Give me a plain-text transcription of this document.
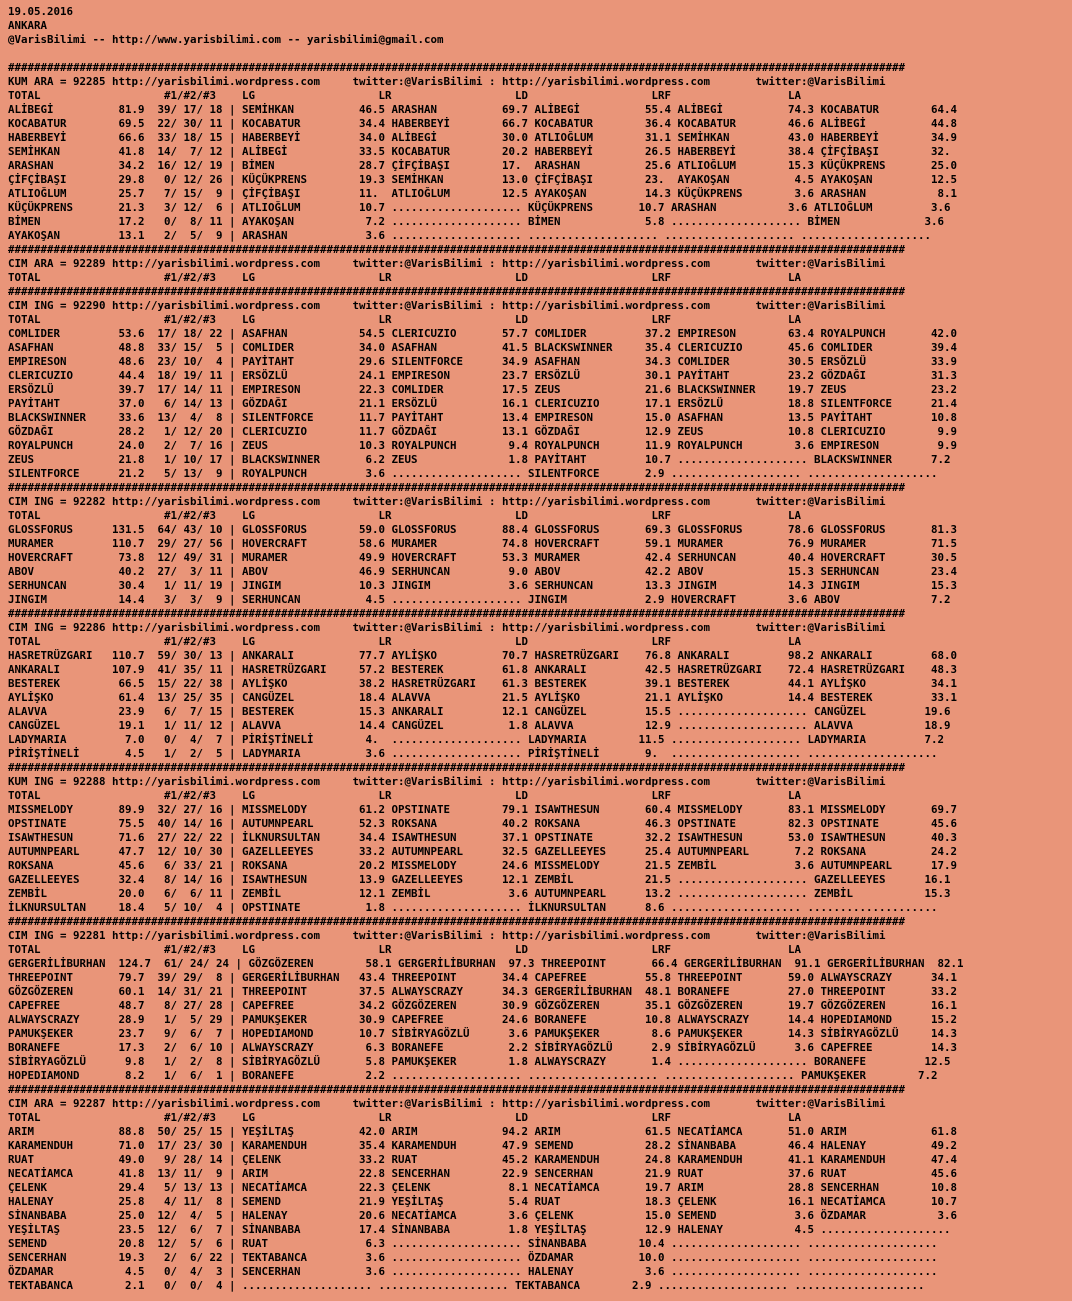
19.05.2016
ANKARA
@VarisBilimi -- http://www.yarisbilimi.com -- yarisbilimi@gmail.com

##########################################################################################################################################
KUM ARA = 92285 http://yarisbilimi.wordpress.com     twitter:@VarisBilimi : http://yarisbilimi.wordpress.com       twitter:@VarisBilimi
TOTAL                   #1/#2/#3    LG                   LR                   LD                   LRF                  LA
ALİBEGİ          81.9  39/ 17/ 18 | SEMİHKAN          46.5 ARASHAN          69.7 ALİBEGİ          55.4 ALİBEGİ          74.3 KOCABATUR        64.4
KOCABATUR        69.5  22/ 30/ 11 | KOCABATUR         34.4 HABERBEYİ        66.7 KOCABATUR        36.4 KOCABATUR        46.6 ALİBEGİ          44.8
HABERBEYİ        66.6  33/ 18/ 15 | HABERBEYİ         34.0 ALİBEGİ          30.0 ATLIOĞLUM        31.1 SEMİHKAN         43.0 HABERBEYİ        34.9
SEMİHKAN         41.8  14/  7/ 12 | ALİBEGİ           33.5 KOCABATUR        20.2 HABERBEYİ        26.5 HABERBEYİ        38.4 ÇİFÇİBAŞI        32.
ARASHAN          34.2  16/ 12/ 19 | BİMEN             28.7 ÇİFÇİBAŞI        17.  ARASHAN          25.6 ATLIOĞLUM        15.3 KÜÇÜKPRENS       25.0
ÇİFÇİBAŞI        29.8   0/ 12/ 26 | KÜÇÜKPRENS        19.3 SEMİHKAN         13.0 ÇİFÇİBAŞI        23.  AYAKOŞAN          4.5 AYAKOŞAN         12.5
ATLIOĞLUM        25.7   7/ 15/  9 | ÇİFÇİBAŞI         11.  ATLIOĞLUM        12.5 AYAKOŞAN         14.3 KÜÇÜKPRENS        3.6 ARASHAN           8.1
KÜÇÜKPRENS       21.3   3/ 12/  6 | ATLIOĞLUM         10.7 .................... KÜÇÜKPRENS       10.7 ARASHAN           3.6 ATLIOĞLUM         3.6
BİMEN            17.2   0/  8/ 11 | AYAKOŞAN           7.2 .................... BİMEN             5.8 .................... BİMEN             3.6
AYAKOŞAN         13.1   2/  5/  9 | ARASHAN            3.6 .................... .................... .................... ....................
##########################################################################################################################################
CIM ARA = 92289 http://yarisbilimi.wordpress.com     twitter:@VarisBilimi : http://yarisbilimi.wordpress.com       twitter:@VarisBilimi
TOTAL                   #1/#2/#3    LG                   LR                   LD                   LRF                  LA
##########################################################################################################################################
CIM ING = 92290 http://yarisbilimi.wordpress.com     twitter:@VarisBilimi : http://yarisbilimi.wordpress.com       twitter:@VarisBilimi
TOTAL                   #1/#2/#3    LG                   LR                   LD                   LRF                  LA
COMLIDER         53.6  17/ 18/ 22 | ASAFHAN           54.5 CLERICUZIO       57.7 COMLIDER         37.2 EMPIRESON        63.4 ROYALPUNCH       42.0
ASAFHAN          48.8  33/ 15/  5 | COMLIDER          34.0 ASAFHAN          41.5 BLACKSWINNER     35.4 CLERICUZIO       45.6 COMLIDER         39.4
EMPIRESON        48.6  23/ 10/  4 | PAYİTAHT          29.6 SILENTFORCE      34.9 ASAFHAN          34.3 COMLIDER         30.5 ERSÖZLÜ          33.9
CLERICUZIO       44.4  18/ 19/ 11 | ERSÖZLÜ           24.1 EMPIRESON        23.7 ERSÖZLÜ          30.1 PAYİTAHT         23.2 GÖZDAĞI          31.3
ERSÖZLÜ          39.7  17/ 14/ 11 | EMPIRESON         22.3 COMLIDER         17.5 ZEUS             21.6 BLACKSWINNER     19.7 ZEUS             23.2
PAYİTAHT         37.0   6/ 14/ 13 | GÖZDAĞI           21.1 ERSÖZLÜ          16.1 CLERICUZIO       17.1 ERSÖZLÜ          18.8 SILENTFORCE      21.4
BLACKSWINNER     33.6  13/  4/  8 | SILENTFORCE       11.7 PAYİTAHT         13.4 EMPIRESON        15.0 ASAFHAN          13.5 PAYİTAHT         10.8
GÖZDAĞI          28.2   1/ 12/ 20 | CLERICUZIO        11.7 GÖZDAĞI          13.1 GÖZDAĞI          12.9 ZEUS             10.8 CLERICUZIO        9.9
ROYALPUNCH       24.0   2/  7/ 16 | ZEUS              10.3 ROYALPUNCH        9.4 ROYALPUNCH       11.9 ROYALPUNCH        3.6 EMPIRESON         9.9
ZEUS             21.8   1/ 10/ 17 | BLACKSWINNER       6.2 ZEUS              1.8 PAYİTAHT         10.7 .................... BLACKSWINNER      7.2
SILENTFORCE      21.2   5/ 13/  9 | ROYALPUNCH         3.6 .................... SILENTFORCE       2.9 .................... ....................
##########################################################################################################################################
CIM ING = 92282 http://yarisbilimi.wordpress.com     twitter:@VarisBilimi : http://yarisbilimi.wordpress.com       twitter:@VarisBilimi
TOTAL                   #1/#2/#3    LG                   LR                   LD                   LRF                  LA
GLOSSFORUS      131.5  64/ 43/ 10 | GLOSSFORUS        59.0 GLOSSFORUS       88.4 GLOSSFORUS       69.3 GLOSSFORUS       78.6 GLOSSFORUS       81.3
MURAMER         110.7  29/ 27/ 56 | HOVERCRAFT        58.6 MURAMER          74.8 HOVERCRAFT       59.1 MURAMER          76.9 MURAMER          71.5
HOVERCRAFT       73.8  12/ 49/ 31 | MURAMER           49.9 HOVERCRAFT       53.3 MURAMER          42.4 SERHUNCAN        40.4 HOVERCRAFT       30.5
ABOV             40.2  27/  3/ 11 | ABOV              46.9 SERHUNCAN         9.0 ABOV             42.2 ABOV             15.3 SERHUNCAN        23.4
SERHUNCAN        30.4   1/ 11/ 19 | JINGIM            10.3 JINGIM            3.6 SERHUNCAN        13.3 JINGIM           14.3 JINGIM           15.3
JINGIM           14.4   3/  3/  9 | SERHUNCAN          4.5 .................... JINGIM            2.9 HOVERCRAFT        3.6 ABOV              7.2
##########################################################################################################################################
CIM ING = 92286 http://yarisbilimi.wordpress.com     twitter:@VarisBilimi : http://yarisbilimi.wordpress.com       twitter:@VarisBilimi
TOTAL                   #1/#2/#3    LG                   LR                   LD                   LRF                  LA
HASRETRÜZGARI   110.7  59/ 30/ 13 | ANKARALI          77.7 AYLİŞKO          70.7 HASRETRÜZGARI    76.8 ANKARALI         98.2 ANKARALI         68.0
ANKARALI        107.9  41/ 35/ 11 | HASRETRÜZGARI     57.2 BESTEREK         61.8 ANKARALI         42.5 HASRETRÜZGARI    72.4 HASRETRÜZGARI    48.3
BESTEREK         66.5  15/ 22/ 38 | AYLİŞKO           38.2 HASRETRÜZGARI    61.3 BESTEREK         39.1 BESTEREK         44.1 AYLİŞKO          34.1
AYLİŞKO          61.4  13/ 25/ 35 | CANGÜZEL          18.4 ALAVVA           21.5 AYLİŞKO          21.1 AYLİŞKO          14.4 BESTEREK         33.1
ALAVVA           23.9   6/  7/ 15 | BESTEREK          15.3 ANKARALI         12.1 CANGÜZEL         15.5 .................... CANGÜZEL         19.6
CANGÜZEL         19.1   1/ 11/ 12 | ALAVVA            14.4 CANGÜZEL          1.8 ALAVVA           12.9 .................... ALAVVA           18.9
LADYMARIA         7.0   0/  4/  7 | PİRİŞTİNELİ        4.  .................... LADYMARIA        11.5 .................... LADYMARIA         7.2
PİRİŞTİNELİ       4.5   1/  2/  5 | LADYMARIA          3.6 .................... PİRİŞTİNELİ       9.  .................... ....................
##########################################################################################################################################
KUM ING = 92288 http://yarisbilimi.wordpress.com     twitter:@VarisBilimi : http://yarisbilimi.wordpress.com       twitter:@VarisBilimi
TOTAL                   #1/#2/#3    LG                   LR                   LD                   LRF                  LA
MISSMELODY       89.9  32/ 27/ 16 | MISSMELODY        61.2 OPSTINATE        79.1 ISAWTHESUN       60.4 MISSMELODY       83.1 MISSMELODY       69.7
OPSTINATE        75.5  40/ 14/ 16 | AUTUMNPEARL       52.3 ROKSANA          40.2 ROKSANA          46.3 OPSTINATE        82.3 OPSTINATE        45.6
ISAWTHESUN       71.6  27/ 22/ 22 | İLKNURSULTAN      34.4 ISAWTHESUN       37.1 OPSTINATE        32.2 ISAWTHESUN       53.0 ISAWTHESUN       40.3
AUTUMNPEARL      47.7  12/ 10/ 30 | GAZELLEEYES       33.2 AUTUMNPEARL      32.5 GAZELLEEYES      25.4 AUTUMNPEARL       7.2 ROKSANA          24.2
ROKSANA          45.6   6/ 33/ 21 | ROKSANA           20.2 MISSMELODY       24.6 MISSMELODY       21.5 ZEMBİL            3.6 AUTUMNPEARL      17.9
GAZELLEEYES      32.4   8/ 14/ 16 | ISAWTHESUN        13.9 GAZELLEEYES      12.1 ZEMBİL           21.5 .................... GAZELLEEYES      16.1
ZEMBİL           20.0   6/  6/ 11 | ZEMBİL            12.1 ZEMBİL            3.6 AUTUMNPEARL      13.2 .................... ZEMBİL           15.3
İLKNURSULTAN     18.4   5/ 10/  4 | OPSTINATE          1.8 .................... İLKNURSULTAN      8.6 .................... ....................
##########################################################################################################################################
CIM ING = 92281 http://yarisbilimi.wordpress.com     twitter:@VarisBilimi : http://yarisbilimi.wordpress.com       twitter:@VarisBilimi
TOTAL                   #1/#2/#3    LG                   LR                   LD                   LRF                  LA
GERGERİLİBURHAN  124.7  61/ 24/ 24 | GÖZGÖZEREN        58.1 GERGERİLİBURHAN  97.3 THREEPOINT       66.4 GERGERİLİBURHAN  91.1 GERGERİLİBURHAN  82.1
THREEPOINT       79.7  39/ 29/  8 | GERGERİLİBURHAN   43.4 THREEPOINT       34.4 CAPEFREE         55.8 THREEPOINT       59.0 ALWAYSCRAZY      34.1
GÖZGÖZEREN       60.1  14/ 31/ 21 | THREEPOINT        37.5 ALWAYSCRAZY      34.3 GERGERİLİBURHAN  48.1 BORANEFE         27.0 THREEPOINT       33.2
CAPEFREE         48.7   8/ 27/ 28 | CAPEFREE          34.2 GÖZGÖZEREN       30.9 GÖZGÖZEREN       35.1 GÖZGÖZEREN       19.7 GÖZGÖZEREN       16.1
ALWAYSCRAZY      28.9   1/  5/ 29 | PAMUKŞEKER        30.9 CAPEFREE         24.6 BORANEFE         10.8 ALWAYSCRAZY      14.4 HOPEDIAMOND      15.2
PAMUKŞEKER       23.7   9/  6/  7 | HOPEDIAMOND       10.7 SİBİRYAGÖZLÜ      3.6 PAMUKŞEKER        8.6 PAMUKŞEKER       14.3 SİBİRYAGÖZLÜ     14.3
BORANEFE         17.3   2/  6/ 10 | ALWAYSCRAZY        6.3 BORANEFE          2.2 SİBİRYAGÖZLÜ      2.9 SİBİRYAGÖZLÜ      3.6 CAPEFREE         14.3
SİBİRYAGÖZLÜ      9.8   1/  2/  8 | SİBİRYAGÖZLÜ       5.8 PAMUKŞEKER        1.8 ALWAYSCRAZY       1.4 .................... BORANEFE         12.5
HOPEDIAMOND       8.2   1/  6/  1 | BORANEFE           2.2 .................... .................... .................... PAMUKŞEKER        7.2
##########################################################################################################################################
CIM ARA = 92287 http://yarisbilimi.wordpress.com     twitter:@VarisBilimi : http://yarisbilimi.wordpress.com       twitter:@VarisBilimi
TOTAL                   #1/#2/#3    LG                   LR                   LD                   LRF                  LA
ARIM             88.8  50/ 25/ 15 | YEŞİLTAŞ          42.0 ARIM             94.2 ARIM             61.5 NECATİAMCA       51.0 ARIM             61.8
KARAMENDUH       71.0  17/ 23/ 30 | KARAMENDUH        35.4 KARAMENDUH       47.9 SEMEND           28.2 SİNANBABA        46.4 HALENAY          49.2
RUAT             49.0   9/ 28/ 14 | ÇELENK            33.2 RUAT             45.2 KARAMENDUH       24.8 KARAMENDUH       41.1 KARAMENDUH       47.4
NECATİAMCA       41.8  13/ 11/  9 | ARIM              22.8 SENCERHAN        22.9 SENCERHAN        21.9 RUAT             37.6 RUAT             45.6
ÇELENK           29.4   5/ 13/ 13 | NECATİAMCA        22.3 ÇELENK            8.1 NECATİAMCA       19.7 ARIM             28.8 SENCERHAN        10.8
HALENAY          25.8   4/ 11/  8 | SEMEND            21.9 YEŞİLTAŞ          5.4 RUAT             18.3 ÇELENK           16.1 NECATİAMCA       10.7
SİNANBABA        25.0  12/  4/  5 | HALENAY           20.6 NECATİAMCA        3.6 ÇELENK           15.0 SEMEND            3.6 ÖZDAMAR           3.6
YEŞİLTAŞ         23.5  12/  6/  7 | SİNANBABA         17.4 SİNANBABA         1.8 YEŞİLTAŞ         12.9 HALENAY           4.5 ....................
SEMEND           20.8  12/  5/  6 | RUAT               6.3 .................... SİNANBABA        10.4 .................... ....................
SENCERHAN        19.3   2/  6/ 22 | TEKTABANCA         3.6 .................... ÖZDAMAR          10.0 .................... ....................
ÖZDAMAR           4.5   0/  4/  3 | SENCERHAN          3.6 .................... HALENAY           3.6 .................... ....................
TEKTABANCA        2.1   0/  0/  4 | .................... .................... TEKTABANCA        2.9 .................... ....................
